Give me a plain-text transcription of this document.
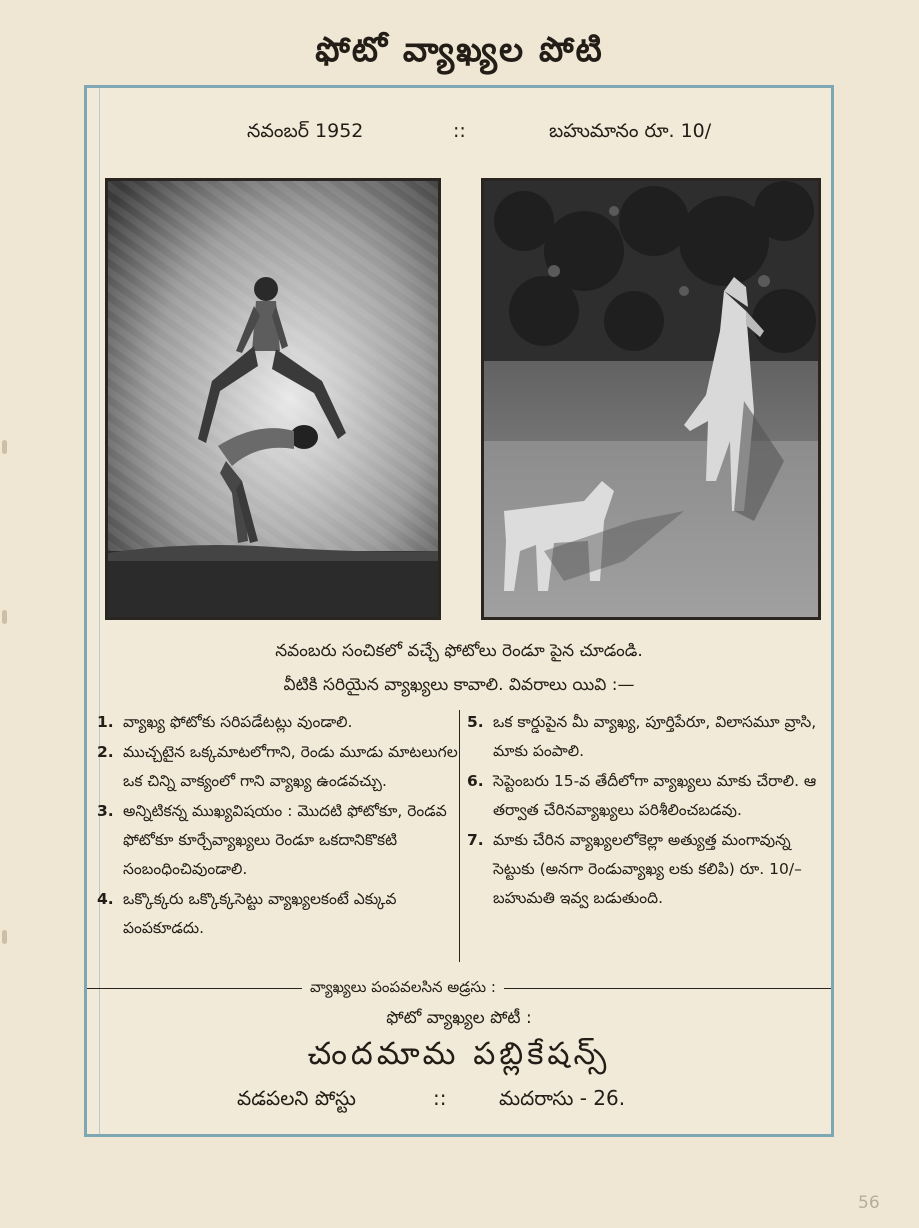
ఫోటో వ్యాఖ్యల పోటి
నవంబర్ 1952	::	బహుమానం రూ. 10/
నవంబరు సంచికలో వచ్చే ఫోటోలు రెండూ పైన చూడండి.
వీటికి సరియైన వ్యాఖ్యలు కావాలి. వివరాలు యివి :—
1. వ్యాఖ్య ఫోటోకు సరిపడేటట్లు వుండాలి.
2. ముచ్చటైన ఒక్కమాటలోగాని, రెండు మూడు మాటలుగల ఒక చిన్ని వాక్యంలో గాని వ్యాఖ్య ఉండవచ్చు.
3. అన్నిటికన్న ముఖ్యవిషయం : మొదటి ఫోటోకూ, రెండవ ఫోటోకూ కూర్చేవ్యాఖ్యలు రెండూ ఒకదానికొకటి సంబంధించివుండాలి.
4. ఒక్కొక్కరు ఒక్కొక్కసెట్టు వ్యాఖ్యలకంటే ఎక్కువ పంపకూడదు.
5. ఒక కార్డుపైన మీ వ్యాఖ్య, పూర్తిపేరూ, విలాసమూ వ్రాసి, మాకు పంపాలి.
6. సెప్టెంబరు 15-వ తేదీలోగా వ్యాఖ్యలు మాకు చేరాలి. ఆ తర్వాత చేరినవ్యాఖ్యలు పరిశీలించబడవు.
7. మాకు చేరిన వ్యాఖ్యలలోకెల్లా అత్యుత్త మంగావున్న సెట్టుకు (అనగా రెండువ్యాఖ్య లకు కలిపి) రూ. 10/– బహుమతి ఇవ్వ బడుతుంది.
వ్యాఖ్యలు పంపవలసిన అడ్రసు :
ఫోటో వ్యాఖ్యల పోటీ :
చందమామ పబ్లికేషన్స్
వడపలని పోస్టు	::	మదరాసు - 26.
56
